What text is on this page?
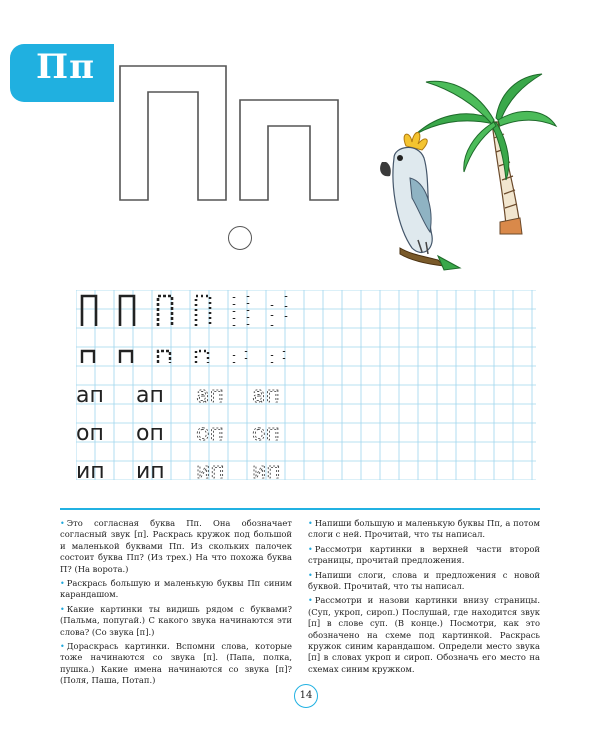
Пп
ап ап ап ап
оп оп оп оп
ип ип ип ип

• Это согласная буква Пп. Она обозначает согласный звук [п]. Раскрась кружок под большой и маленькой буквами Пп. Из скольких палочек состоит буква Пп? (Из трех.) На что похожа буква П? (На ворота.)

• Раскрась большую и маленькую буквы Пп синим карандашом.

• Какие картинки ты видишь рядом с буквами? (Пальма, попугай.) С какого звука начинаются эти слова? (Со звука [п].)

• Дораскрась картинки. Вспомни слова, которые тоже начинаются со звука [п]. (Папа, полка, пушка.) Какие имена начинаются со звука [п]? (Поля, Паша, Потап.)

• Напиши большую и маленькую буквы Пп, а потом слоги с ней. Прочитай, что ты написал.

• Рассмотри картинки в верхней части второй страницы, прочитай предложения.

• Напиши слоги, слова и предложения с новой буквой. Прочитай, что ты написал.

• Рассмотри и назови картинки внизу страницы. (Суп, укроп, сироп.) Послушай, где находится звук [п] в слове суп. (В конце.) Посмотри, как это обозначено на схеме под картинкой. Раскрась кружок синим карандашом. Определи место звука [п] в словах укроп и сироп. Обозначь его место на схемах синим кружком.

14
